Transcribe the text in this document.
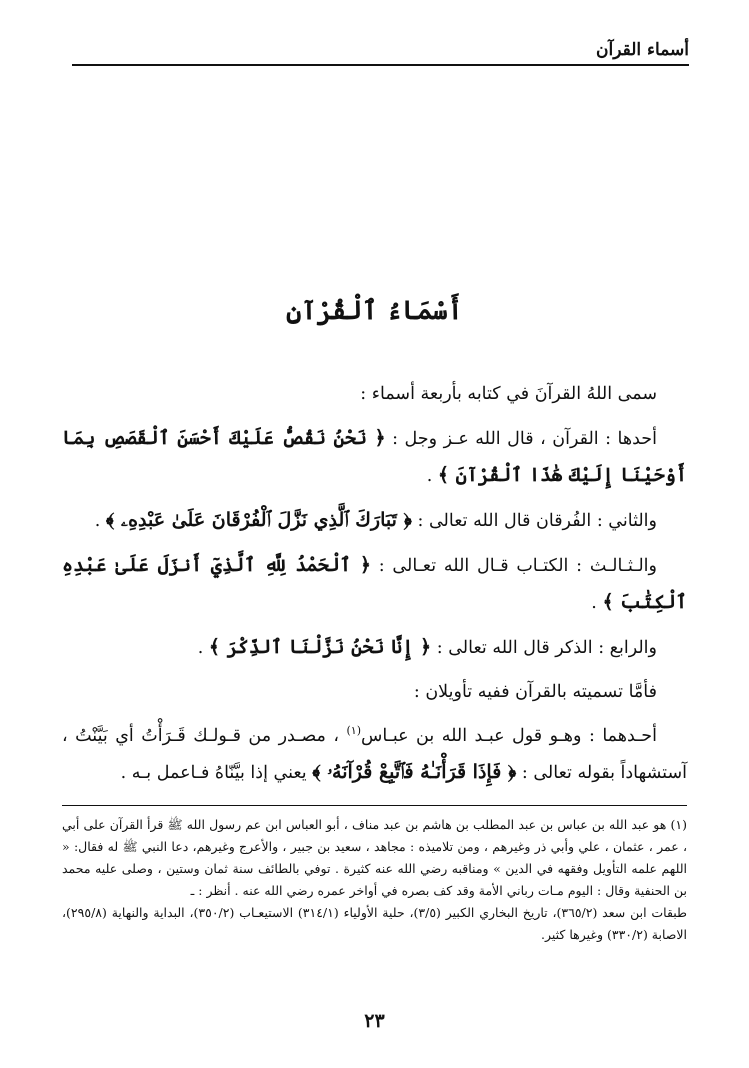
أسماء القرآن
أَسْمَاءُ ٱلْقُرْآنِ

سمى اللهُ القرآنَ في كتابه بأربعة أسماء :

أحدها : القرآن ، قال الله عـز وجل : ﴿ نَحْنُ نَقُصُّ عَلَيْكَ أَحْسَنَ ٱلْقَصَصِ بِمَا أَوْحَيْنَا إِلَيْكَ هَٰذَا ٱلْقُرْآنَ ﴾ .

والثاني : الفُرقان قال الله تعالى : ﴿ تَبَارَكَ ٱلَّذِي نَزَّلَ ٱلْفُرْقَانَ عَلَىٰ عَبْدِهِۦ ﴾ .

والـثـالـث : الكتـاب قـال الله تعـالى : ﴿ ٱلْحَمْدُ لِلَّهِ ٱلَّذِيٓ أَنزَلَ عَلَىٰ عَبْدِهِ ٱلْكِتَٰبَ ﴾ .

والرابع : الذكر قال الله تعالى : ﴿ إِنَّا نَحْنُ نَزَّلْنَا ٱلذِّكْرَ ﴾ .

فأمَّا تسميته بالقرآن ففيه تأويلان :

أحـدهما : وهـو قول عبـد الله بن عبـاس$^{(١)}$ ، مصـدر من قـولـك قَـرَأْتُ أي بَيَّنْتُ ، آستشهاداً بقوله تعالى : ﴿ فَإِذَا قَرَأْنَـٰهُ فَٱتَّبِعْ قُرْآنَهُۥ ﴾ يعني إذا بيَّنّاهُ فـاعمل بـه .

(١) هو عبد الله بن عباس بن عبد المطلب بن هاشم بن عبد مناف ، أبو العباس ابن عم رسول الله ﷺ قرأ القرآن على أبي ، عمر ، عثمان ، علي وأبي ذر وغيرهم ، ومن تلاميذه : مجاهد ، سعيد بن جبير ، والأعرج وغيرهم، دعا النبي ﷺ له فقال: « اللهم علمه التأويل وفقهه في الدين » ومناقبه رضي الله عنه كثيرة . توفي بالطائف سنة ثمان وستين ، وصلى عليه محمد بن الحنفية وقال : اليوم مـات رباني الأمة وقد كف بصره في أواخر عمره رضي الله عنه . أنظر : ـ

طبقات ابن سعد (٣٦٥/٢)، تاريخ البخاري الكبير (٣/٥)، حلية الأولياء (٣١٤/١) الاستيعـاب (٣٥٠/٢)، البداية والنهاية (٢٩٥/٨)، الاصابة (٣٣٠/٢) وغيرها كثير.

٢٣
